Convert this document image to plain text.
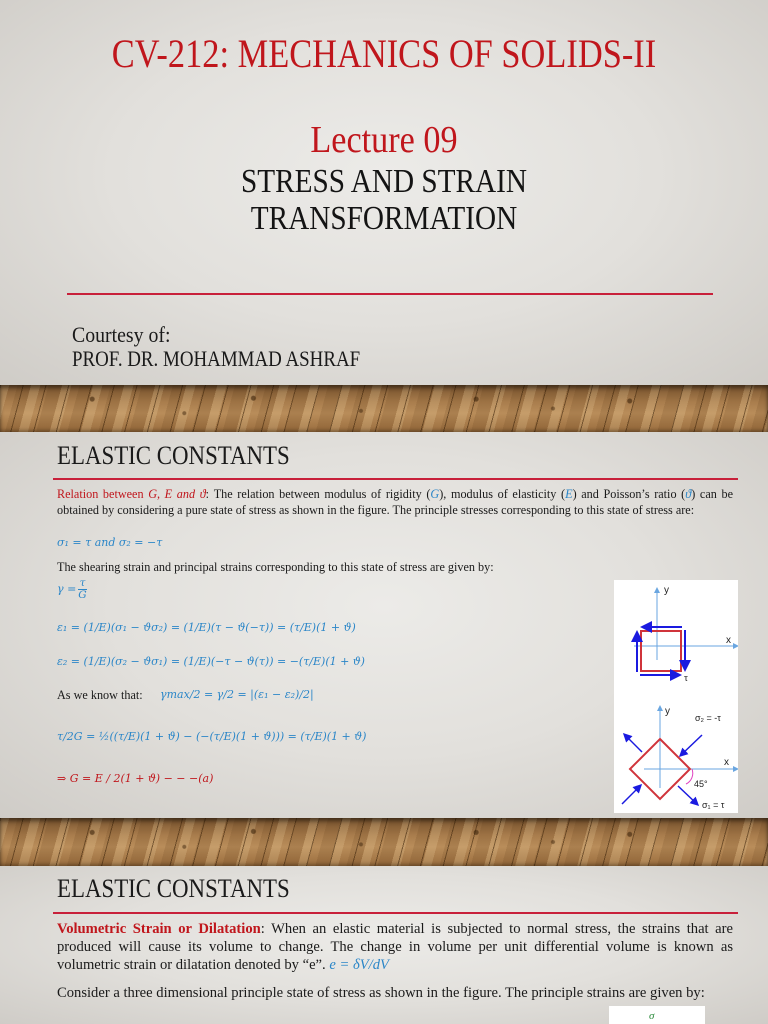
CV-212: MECHANICS OF SOLIDS-II
Lecture 09
STRESS AND STRAIN
TRANSFORMATION
Courtesy of:
PROF. DR. MOHAMMAD ASHRAF
ELASTIC CONSTANTS
Relation between G, E and ϑ: The relation between modulus of rigidity (G), modulus of elasticity (E) and Poisson’s ratio (ϑ) can be obtained by considering a pure state of stress as shown in the figure. The principle stresses corresponding to this state of stress are:
σ₁ = τ and σ₂ = −τ
The shearing strain and principal strains corresponding to this state of stress are given by:
$\gamma = \frac{\tau}{G}$
ε₁ = (1/E)(σ₁ − ϑσ₂) = (1/E)(τ − ϑ(−τ)) = (τ/E)(1 + ϑ)
ε₂ = (1/E)(σ₂ − ϑσ₁) = (1/E)(−τ − ϑ(τ)) = −(τ/E)(1 + ϑ)
As we know that:	γmax/2 = γ/2 = |(ε₁ − ε₂)/2|
τ/2G = ½((τ/E)(1 + ϑ) − (−(τ/E)(1 + ϑ))) = (τ/E)(1 + ϑ)
⇒ G = E / 2(1 + ϑ) − − −(a)
y
x
τ
y
x
σ₂ = -τ
45°
σ₁ = τ
ELASTIC CONSTANTS
Volumetric Strain or Dilatation: When an elastic material is subjected to normal stress, the strains that are produced will cause its volume to change. The change in volume per unit differential volume is known as volumetric strain or dilatation denoted by “e”. e = δV/dV
Consider a three dimensional principle state of stress as shown in the figure. The principle strains are given by:
σ
